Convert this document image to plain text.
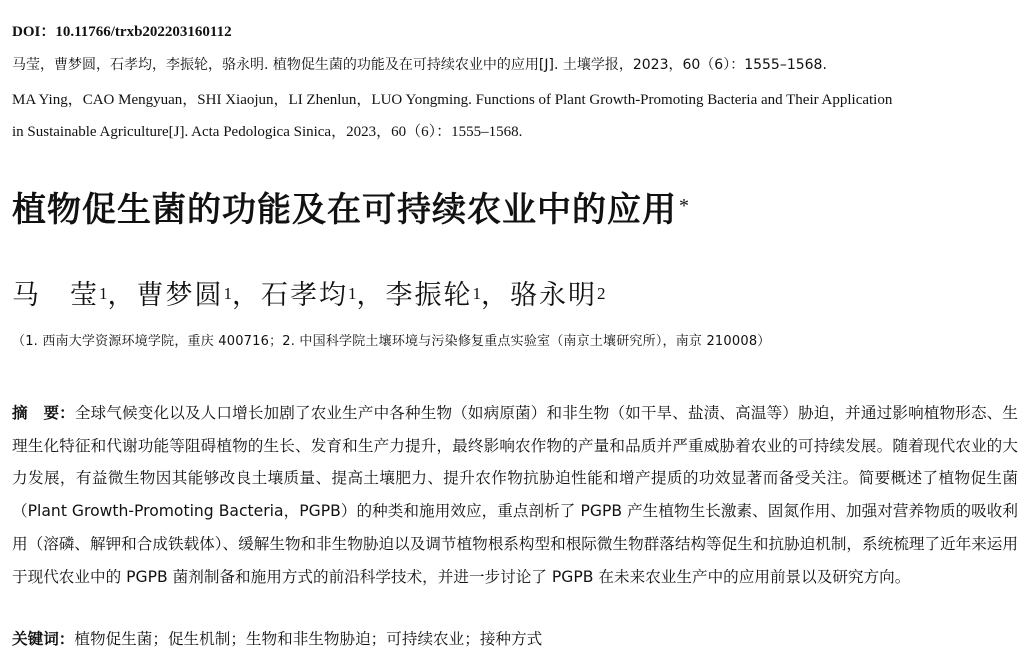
DOI：10.11766/trxb202203160112
马莹，曹梦圆，石孝均，李振轮，骆永明. 植物促生菌的功能及在可持续农业中的应用[J]. 土壤学报，2023，60（6）：1555–1568.
MA Ying，CAO Mengyuan，SHI Xiaojun，LI Zhenlun，LUO Yongming. Functions of Plant Growth-Promoting Bacteria and Their Application
in Sustainable Agriculture[J]. Acta Pedologica Sinica，2023，60（6）：1555–1568.
植物促生菌的功能及在可持续农业中的应用 *
马　莹$^1$，曹梦圆$^1$，石孝均$^1$，李振轮$^1$，骆永明$^2$
（1. 西南大学资源环境学院，重庆 400716；2. 中国科学院土壤环境与污染修复重点实验室（南京土壤研究所），南京 210008）
摘　要：全球气候变化以及人口增长加剧了农业生产中各种生物（如病原菌）和非生物（如干旱、盐渍、高温等）胁迫，并通过影响植物形态、生理生化特征和代谢功能等阻碍植物的生长、发育和生产力提升，最终影响农作物的产量和品质并严重威胁着农业的可持续发展。随着现代农业的大力发展，有益微生物因其能够改良土壤质量、提高土壤肥力、提升农作物抗胁迫性能和增产提质的功效显著而备受关注。简要概述了植物促生菌（Plant Growth-Promoting Bacteria，PGPB）的种类和施用效应，重点剖析了 PGPB 产生植物生长激素、固氮作用、加强对营养物质的吸收利用（溶磷、解钾和合成铁载体）、缓解生物和非生物胁迫以及调节植物根系构型和根际微生物群落结构等促生和抗胁迫机制，系统梳理了近年来运用于现代农业中的 PGPB 菌剂制备和施用方式的前沿科学技术，并进一步讨论了 PGPB 在未来农业生产中的应用前景以及研究方向。
关键词：植物促生菌；促生机制；生物和非生物胁迫；可持续农业；接种方式
